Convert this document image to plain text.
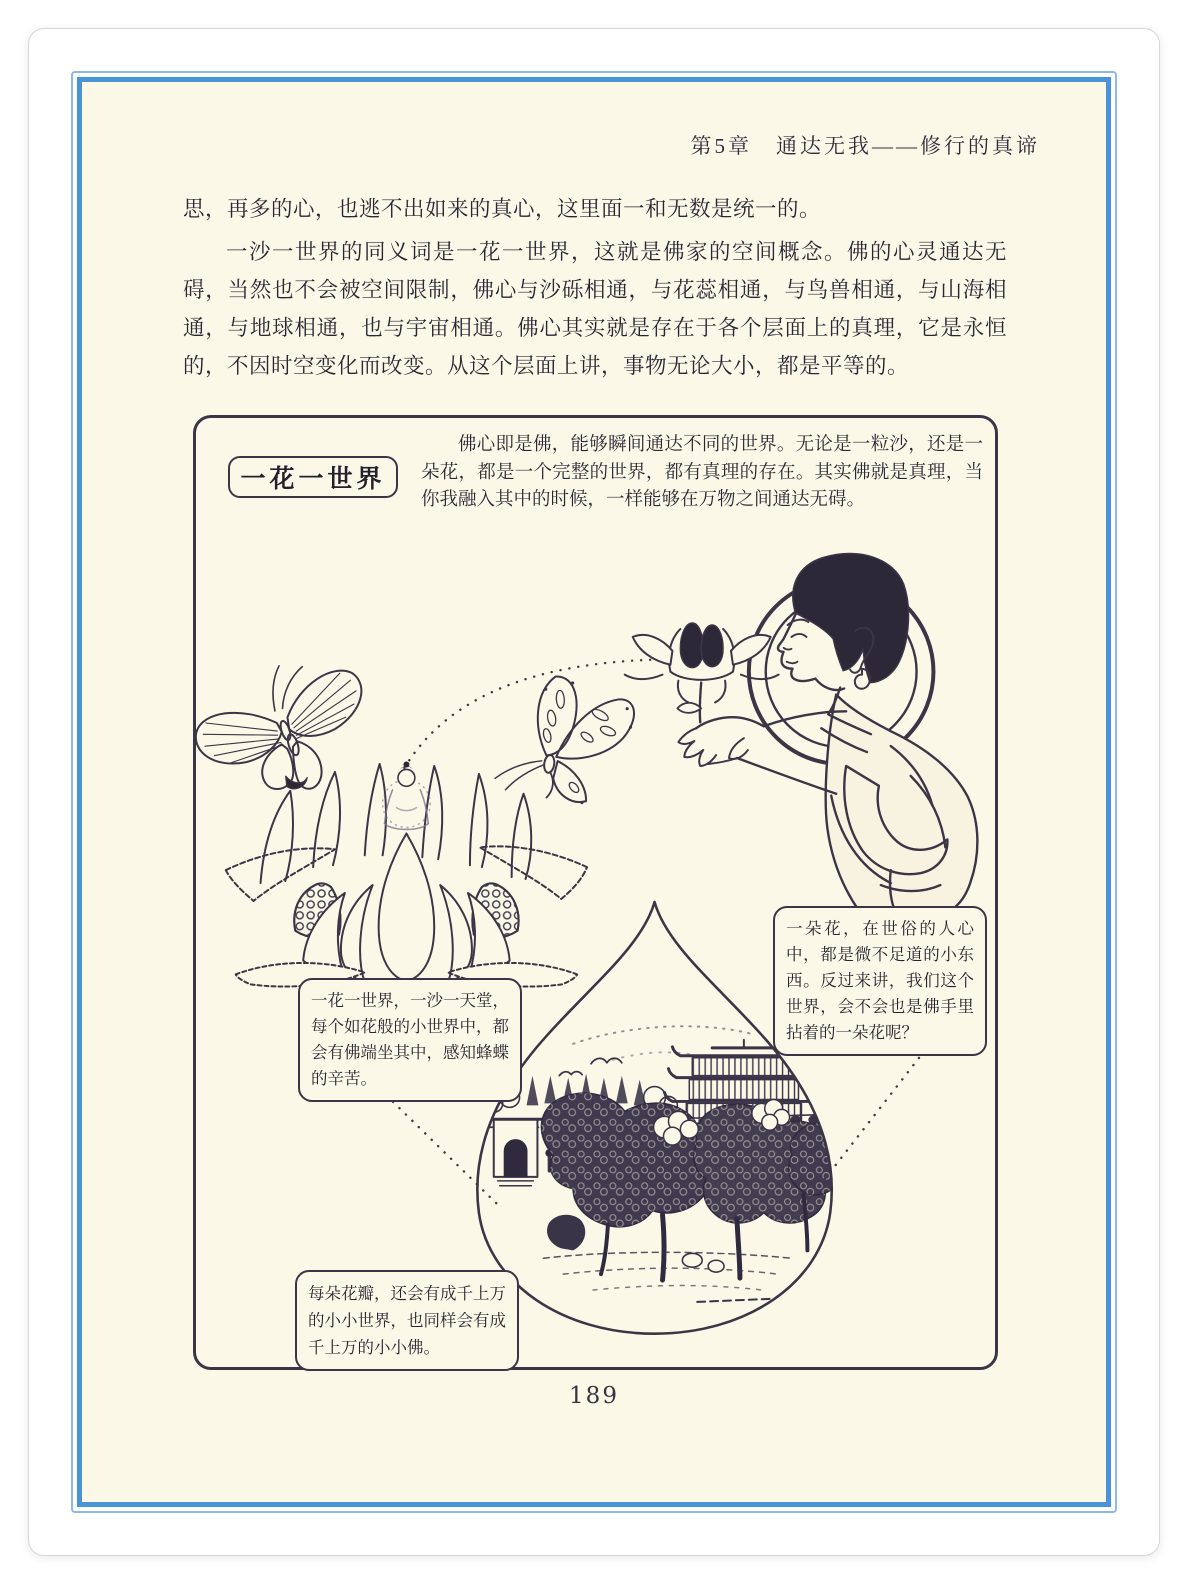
第5章　通达无我——修行的真谛

思，再多的心，也逃不出如来的真心，这里面一和无数是统一的。

一沙一世界的同义词是一花一世界，这就是佛家的空间概念。佛的心灵通达无碍，当然也不会被空间限制，佛心与沙砾相通，与花蕊相通，与鸟兽相通，与山海相通，与地球相通，也与宇宙相通。佛心其实就是存在于各个层面上的真理，它是永恒的，不因时空变化而改变。从这个层面上讲，事物无论大小，都是平等的。

一花一世界
佛心即是佛，能够瞬间通达不同的世界。无论是一粒沙，还是一朵花，都是一个完整的世界，都有真理的存在。其实佛就是真理，当你我融入其中的时候，一样能够在万物之间通达无碍。
一花一世界，一沙一天堂，每个如花般的小世界中，都会有佛端坐其中，感知蜂蝶的辛苦。
一朵花，在世俗的人心中，都是微不足道的小东西。反过来讲，我们这个世界，会不会也是佛手里拈着的一朵花呢？
每朵花瓣，还会有成千上万的小小世界，也同样会有成千上万的小小佛。
189
